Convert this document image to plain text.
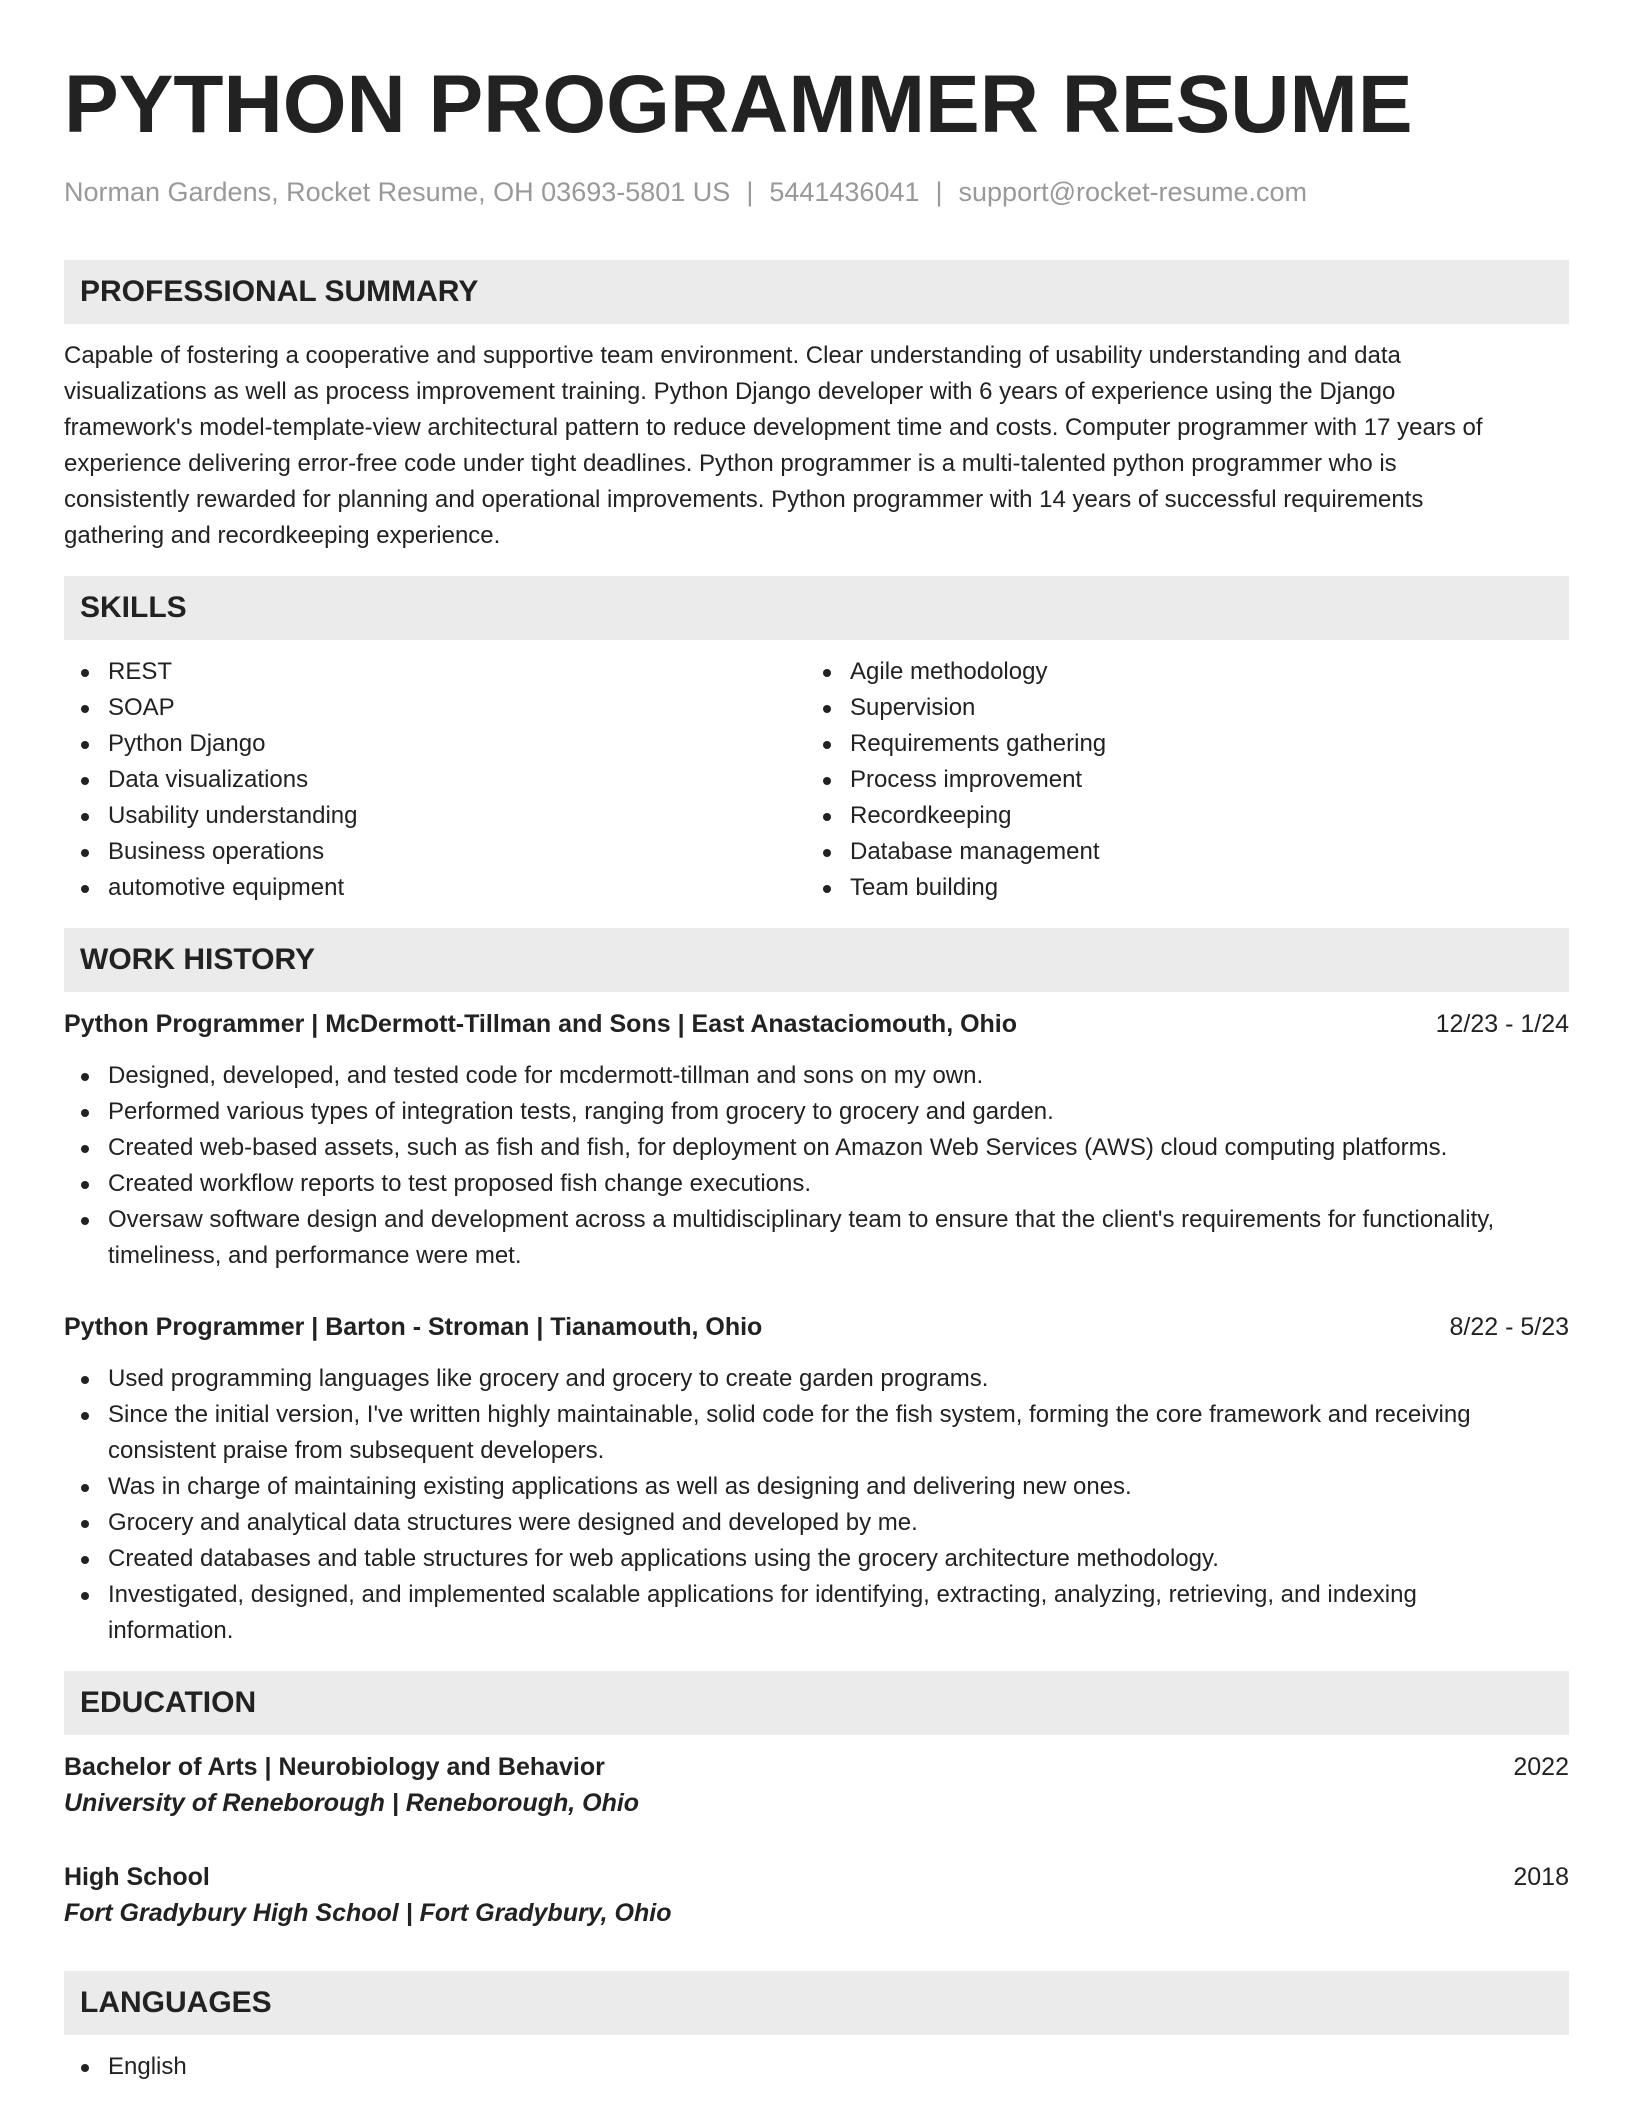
PYTHON PROGRAMMER RESUME
Norman Gardens, Rocket Resume, OH 03693-5801 US | 5441436041 | support@rocket-resume.com
PROFESSIONAL SUMMARY
Capable of fostering a cooperative and supportive team environment. Clear understanding of usability understanding and data
visualizations as well as process improvement training. Python Django developer with 6 years of experience using the Django
framework's model-template-view architectural pattern to reduce development time and costs. Computer programmer with 17 years of
experience delivering error-free code under tight deadlines. Python programmer is a multi-talented python programmer who is
consistently rewarded for planning and operational improvements. Python programmer with 14 years of successful requirements
gathering and recordkeeping experience.
SKILLS
REST
SOAP
Python Django
Data visualizations
Usability understanding
Business operations
automotive equipment
Agile methodology
Supervision
Requirements gathering
Process improvement
Recordkeeping
Database management
Team building
WORK HISTORY
Python Programmer | McDermott-Tillman and Sons | East Anastaciomouth, Ohio	12/23 - 1/24
Designed, developed, and tested code for mcdermott-tillman and sons on my own.
Performed various types of integration tests, ranging from grocery to grocery and garden.
Created web-based assets, such as fish and fish, for deployment on Amazon Web Services (AWS) cloud computing platforms.
Created workflow reports to test proposed fish change executions.
Oversaw software design and development across a multidisciplinary team to ensure that the client's requirements for functionality,
timeliness, and performance were met.
Python Programmer | Barton - Stroman | Tianamouth, Ohio	8/22 - 5/23
Used programming languages like grocery and grocery to create garden programs.
Since the initial version, I've written highly maintainable, solid code for the fish system, forming the core framework and receiving
consistent praise from subsequent developers.
Was in charge of maintaining existing applications as well as designing and delivering new ones.
Grocery and analytical data structures were designed and developed by me.
Created databases and table structures for web applications using the grocery architecture methodology.
Investigated, designed, and implemented scalable applications for identifying, extracting, analyzing, retrieving, and indexing
information.
EDUCATION
Bachelor of Arts | Neurobiology and Behavior	2022
University of Reneborough | Reneborough, Ohio
High School	2018
Fort Gradybury High School | Fort Gradybury, Ohio
LANGUAGES
English
